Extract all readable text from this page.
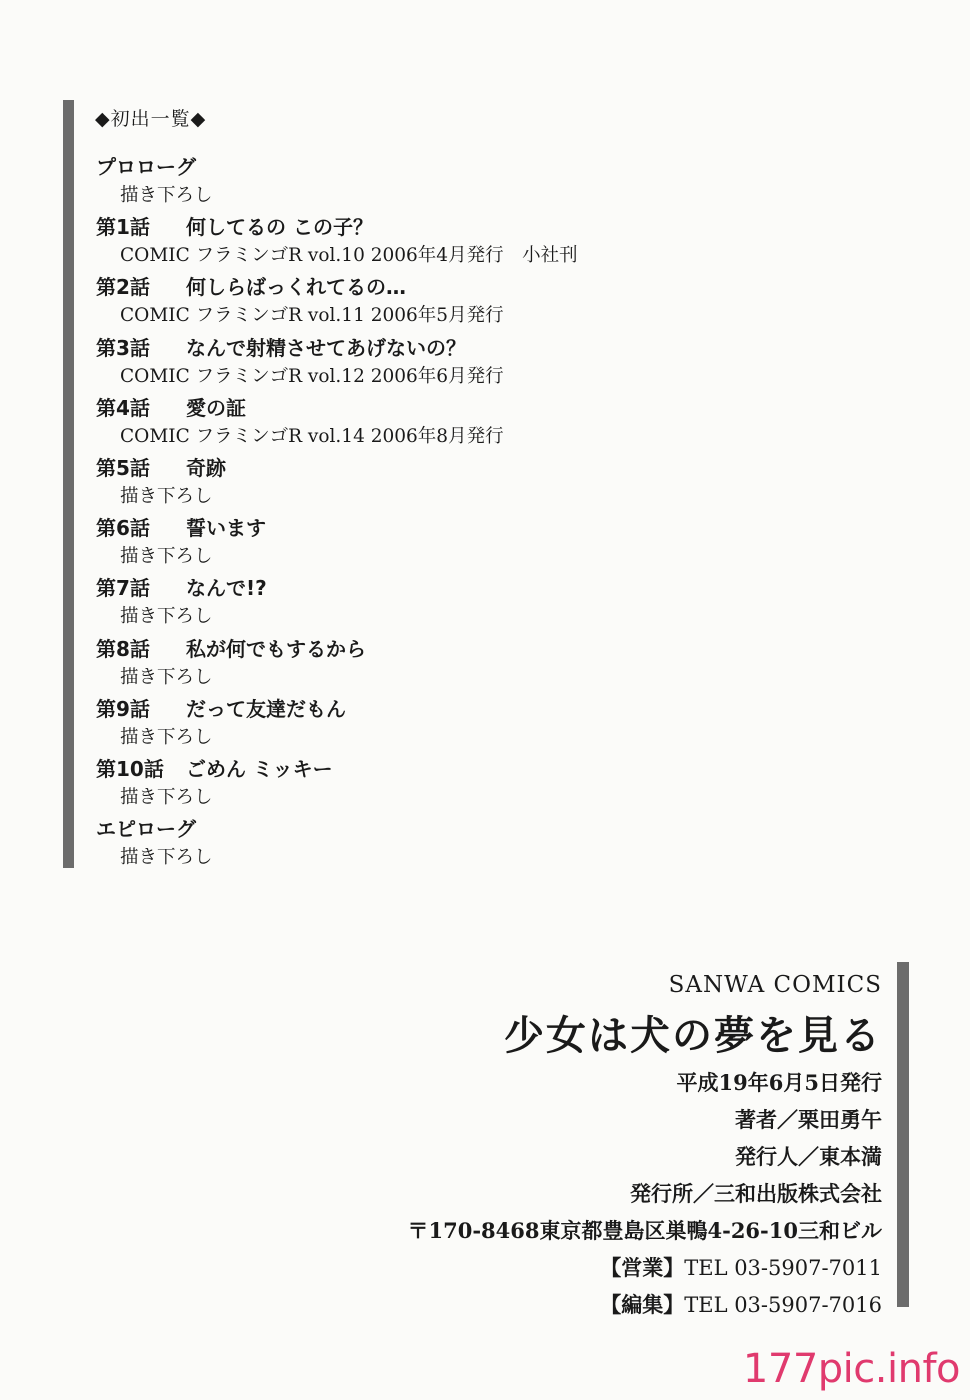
◆初出一覧◆
プロローグ
描き下ろし
第1話 何してるの この子？
COMIC フラミンゴR vol.10 2006年4月発行　小社刊
第2話 何しらばっくれてるの…
COMIC フラミンゴR vol.11 2006年5月発行
第3話 なんで射精させてあげないの？
COMIC フラミンゴR vol.12 2006年6月発行
第4話 愛の証
COMIC フラミンゴR vol.14 2006年8月発行
第5話 奇跡
描き下ろし
第6話 誓います
描き下ろし
第7話 なんで!?
描き下ろし
第8話 私が何でもするから
描き下ろし
第9話 だって友達だもん
描き下ろし
第10話 ごめん ミッキー
描き下ろし
エピローグ
描き下ろし
SANWA COMICS
少女は犬の夢を見る
平成19年6月5日発行
著者／栗田勇午
発行人／東本満
発行所／三和出版株式会社
〒170-8468東京都豊島区巣鴨4-26-10三和ビル
【営業】TEL 03-5907-7011
【編集】TEL 03-5907-7016
177pic.info
